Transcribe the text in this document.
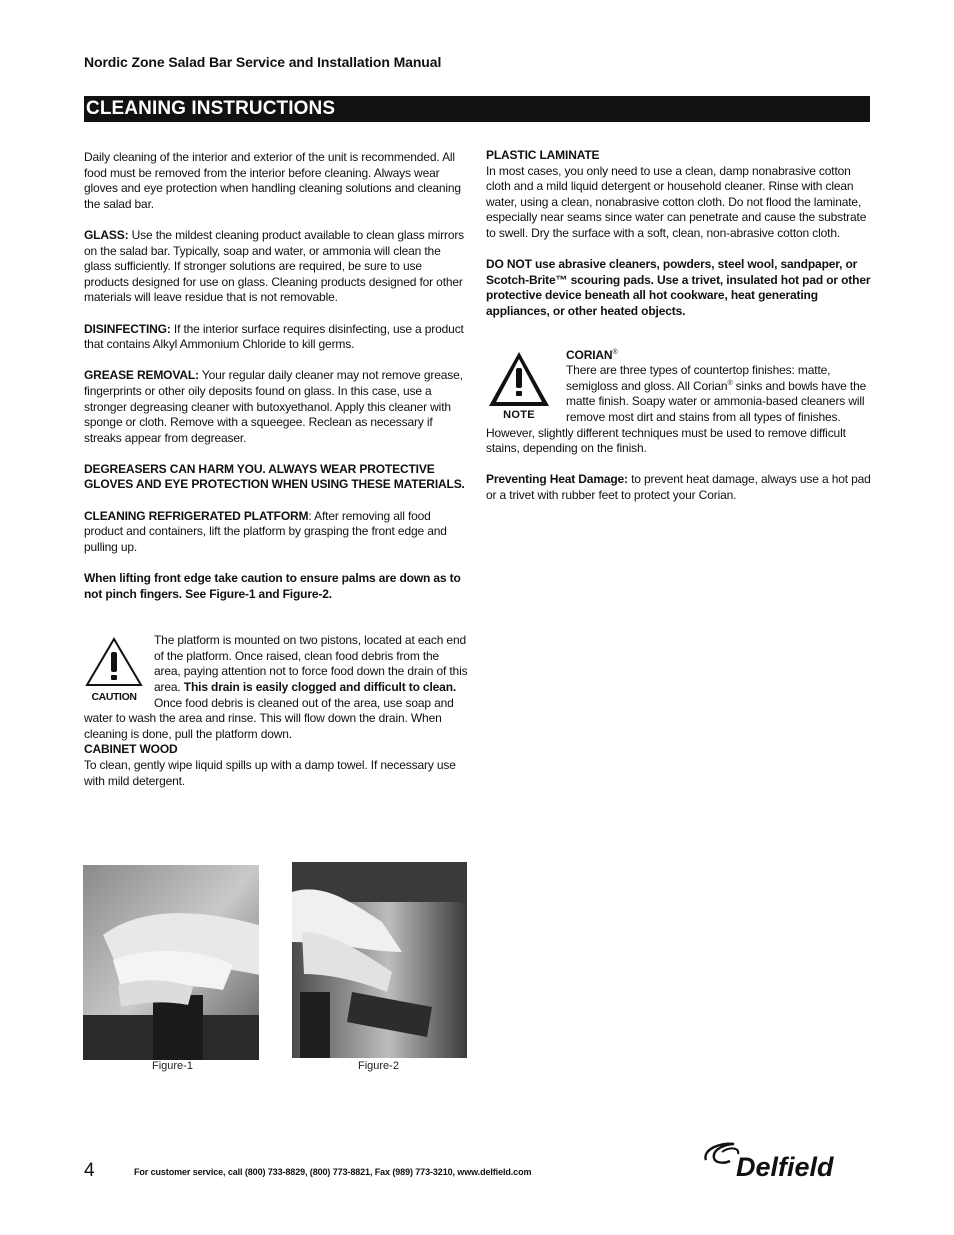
Nordic Zone Salad Bar Service and Installation Manual
CLEANING INSTRUCTIONS

Daily cleaning of the interior and exterior of the unit is recommended. All food must be removed from the interior before cleaning. Always wear gloves and eye protection when handling cleaning solutions and cleaning the salad bar.

GLASS: Use the mildest cleaning product available to clean glass mirrors on the salad bar. Typically, soap and water, or ammonia will clean the glass sufficiently. If stronger solutions are required, be sure to use products designed for use on glass. Cleaning products designed for other materials will leave residue that is not removable.

DISINFECTING: If the interior surface requires disinfecting, use a product that contains Alkyl Ammonium Chloride to kill germs.

GREASE REMOVAL: Your regular daily cleaner may not remove grease, fingerprints or other oily deposits found on glass. In this case, use a stronger degreasing cleaner with butoxyethanol. Apply this cleaner with sponge or cloth. Remove with a squeegee. Reclean as necessary if streaks appear from degreaser.

DEGREASERS CAN HARM YOU. ALWAYS WEAR PROTECTIVE GLOVES AND EYE PROTECTION WHEN USING THESE MATERIALS.

CLEANING REFRIGERATED PLATFORM: After removing all food product and containers, lift the platform by grasping the front edge and pulling up.

When lifting front edge take caution to ensure palms are down as to not pinch fingers. See Figure-1 and Figure-2.

CAUTION
The platform is mounted on two pistons, located at each end of the platform. Once raised, clean food debris from the area, paying attention not to force food down the drain of this area. This drain is easily clogged and difficult to clean. Once food debris is cleaned out of the area, use soap and water to wash the area and rinse. This will flow down the drain. When cleaning is done, pull the platform down.
CABINET WOOD
To clean, gently wipe liquid spills up with a damp towel. If necessary use with mild detergent.

PLASTIC LAMINATE
In most cases, you only need to use a clean, damp nonabrasive cotton cloth and a mild liquid detergent or household cleaner. Rinse with clean water, using a clean, nonabrasive cotton cloth. Do not flood the laminate, especially near seams since water can penetrate and cause the substrate to swell. Dry the surface with a soft, clean, non-abrasive cotton cloth.

DO NOT use abrasive cleaners, powders, steel wool, sandpaper, or Scotch-Brite™ scouring pads. Use a trivet, insulated hot pad or other protective device beneath all hot cookware, heat generating appliances, or other heated objects.

NOTE
CORIAN®
There are three types of countertop finishes: matte, semigloss and gloss. All Corian® sinks and bowls have the matte finish. Soapy water or ammonia-based cleaners will remove most dirt and stains from all types of finishes. However, slightly different techniques must be used to remove difficult stains, depending on the finish.

Preventing Heat Damage: to prevent heat damage, always use a hot pad or a trivet with rubber feet to protect your Corian.

Figure-1	Figure-2
4	For customer service, call (800) 733-8829, (800) 773-8821, Fax (989) 773-3210, www.delfield.com	Delfield
